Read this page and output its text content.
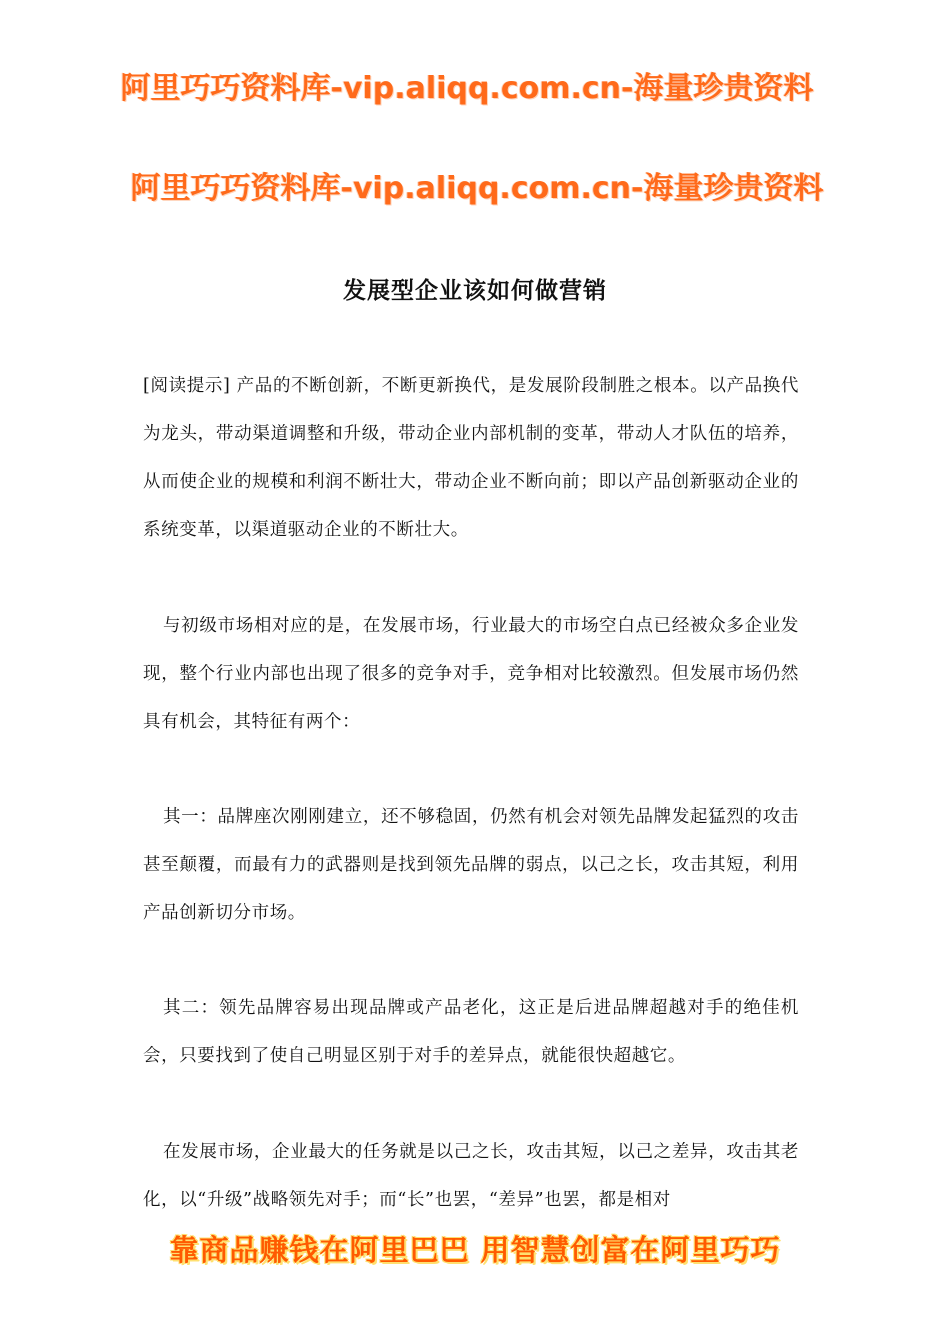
阿里巧巧资料库-vip.aliqq.com.cn-海量珍贵资料
阿里巧巧资料库-vip.aliqq.com.cn-海量珍贵资料
发展型企业该如何做营销

[阅读提示] 产品的不断创新，不断更新换代，是发展阶段制胜之根本。以产品换代为龙头，带动渠道调整和升级，带动企业内部机制的变革，带动人才队伍的培养，从而使企业的规模和利润不断壮大，带动企业不断向前；即以产品创新驱动企业的系统变革，以渠道驱动企业的不断壮大。

与初级市场相对应的是，在发展市场，行业最大的市场空白点已经被众多企业发现，整个行业内部也出现了很多的竞争对手，竞争相对比较激烈。但发展市场仍然具有机会，其特征有两个：

其一：品牌座次刚刚建立，还不够稳固，仍然有机会对领先品牌发起猛烈的攻击甚至颠覆，而最有力的武器则是找到领先品牌的弱点，以己之长，攻击其短，利用产品创新切分市场。

其二：领先品牌容易出现品牌或产品老化，这正是后进品牌超越对手的绝佳机会，只要找到了使自己明显区别于对手的差异点，就能很快超越它。

在发展市场，企业最大的任务就是以己之长，攻击其短，以己之差异，攻击其老化，以“升级”战略领先对手；而“长”也罢，“差异”也罢，都是相对

靠商品赚钱在阿里巴巴 用智慧创富在阿里巧巧
